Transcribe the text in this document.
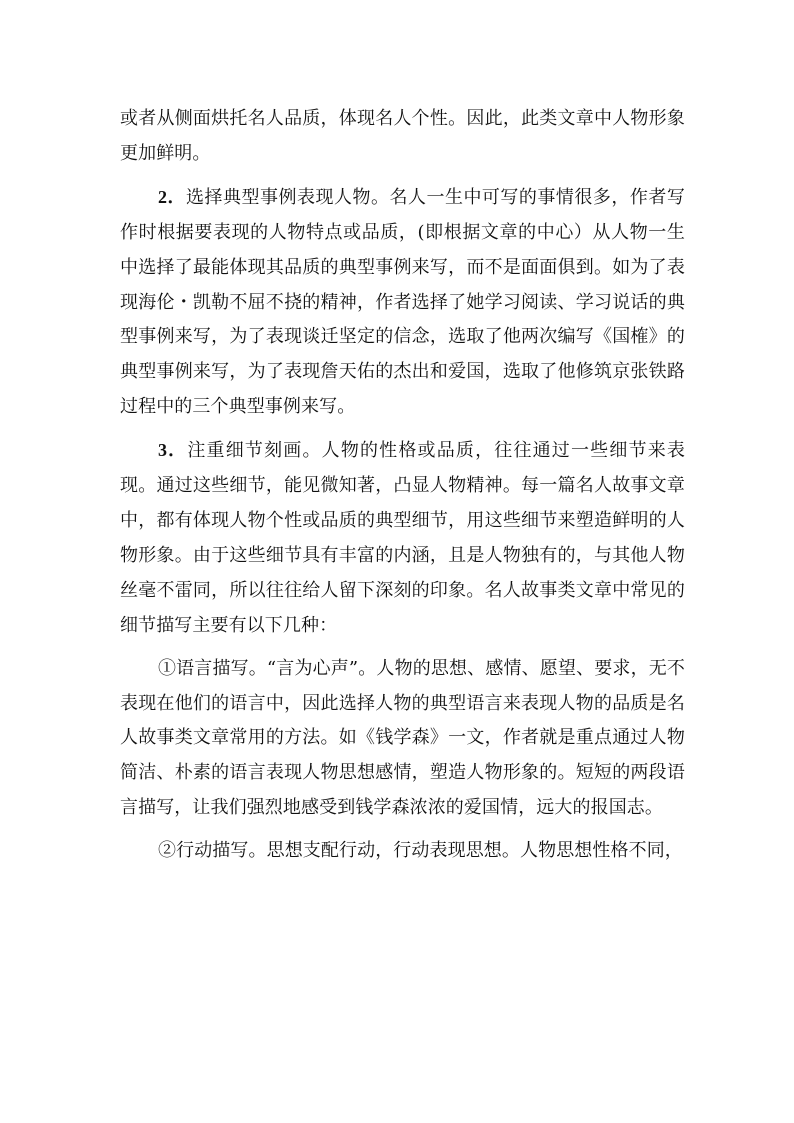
或者从侧面烘托名人品质，体现名人个性。因此，此类文章中人物形象更加鲜明。

2．选择典型事例表现人物。名人一生中可写的事情很多，作者写作时根据要表现的人物特点或品质，(即根据文章的中心）从人物一生中选择了最能体现其品质的典型事例来写，而不是面面俱到。如为了表现海伦・凯勒不屈不挠的精神，作者选择了她学习阅读、学习说话的典型事例来写，为了表现谈迁坚定的信念，选取了他两次编写《国榷》的典型事例来写，为了表现詹天佑的杰出和爱国，选取了他修筑京张铁路过程中的三个典型事例来写。

3．注重细节刻画。人物的性格或品质，往往通过一些细节来表现。通过这些细节，能见微知著，凸显人物精神。每一篇名人故事文章中，都有体现人物个性或品质的典型细节，用这些细节来塑造鲜明的人物形象。由于这些细节具有丰富的内涵，且是人物独有的，与其他人物丝毫不雷同，所以往往给人留下深刻的印象。名人故事类文章中常见的细节描写主要有以下几种：

①语言描写。“言为心声”。人物的思想、感情、愿望、要求，无不表现在他们的语言中，因此选择人物的典型语言来表现人物的品质是名人故事类文章常用的方法。如《钱学森》一文，作者就是重点通过人物简洁、朴素的语言表现人物思想感情，塑造人物形象的。短短的两段语言描写，让我们强烈地感受到钱学森浓浓的爱国情，远大的报国志。

②行动描写。思想支配行动，行动表现思想。人物思想性格不同，
